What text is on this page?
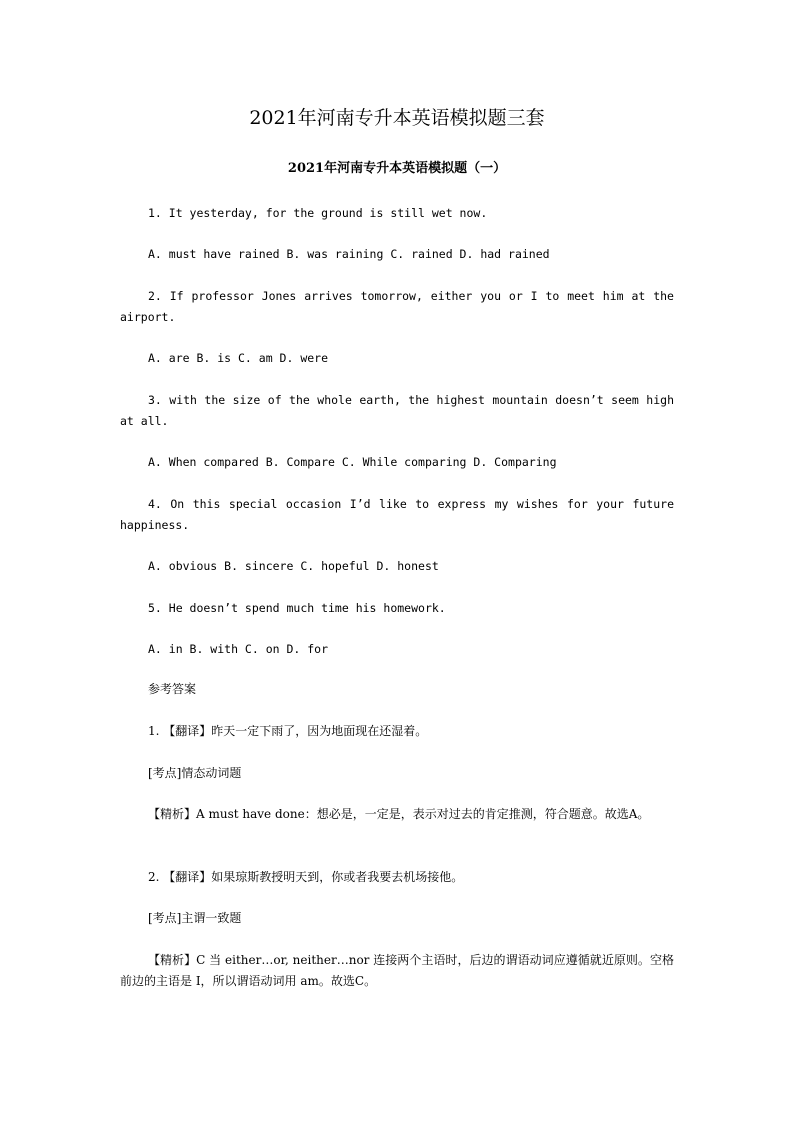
2021年河南专升本英语模拟题三套
2021年河南专升本英语模拟题（一）
1. It yesterday, for the ground is still wet now.
A. must have rained B. was raining C. rained D. had rained
2. If professor Jones arrives tomorrow, either you or I to meet him at the airport.
A. are B. is C. am D. were
3. with the size of the whole earth, the highest mountain doesn’t seem high at all.
A. When compared B. Compare C. While comparing D. Comparing
4. On this special occasion I’d like to express my wishes for your future happiness.
A. obvious B. sincere C. hopeful D. honest
5. He doesn’t spend much time his homework.
A. in B. with C. on D. for
参考答案
1. 【翻译】昨天一定下雨了，因为地面现在还湿着。
[考点]情态动词题
【精析】A must have done：想必是，一定是，表示对过去的肯定推测，符合题意。故选A。
2. 【翻译】如果琼斯教授明天到，你或者我要去机场接他。
[考点]主谓一致题
【精析】C 当 either…or, neither…nor 连接两个主语时，后边的谓语动词应遵循就近原则。空格前边的主语是 I，所以谓语动词用 am。故选C。
